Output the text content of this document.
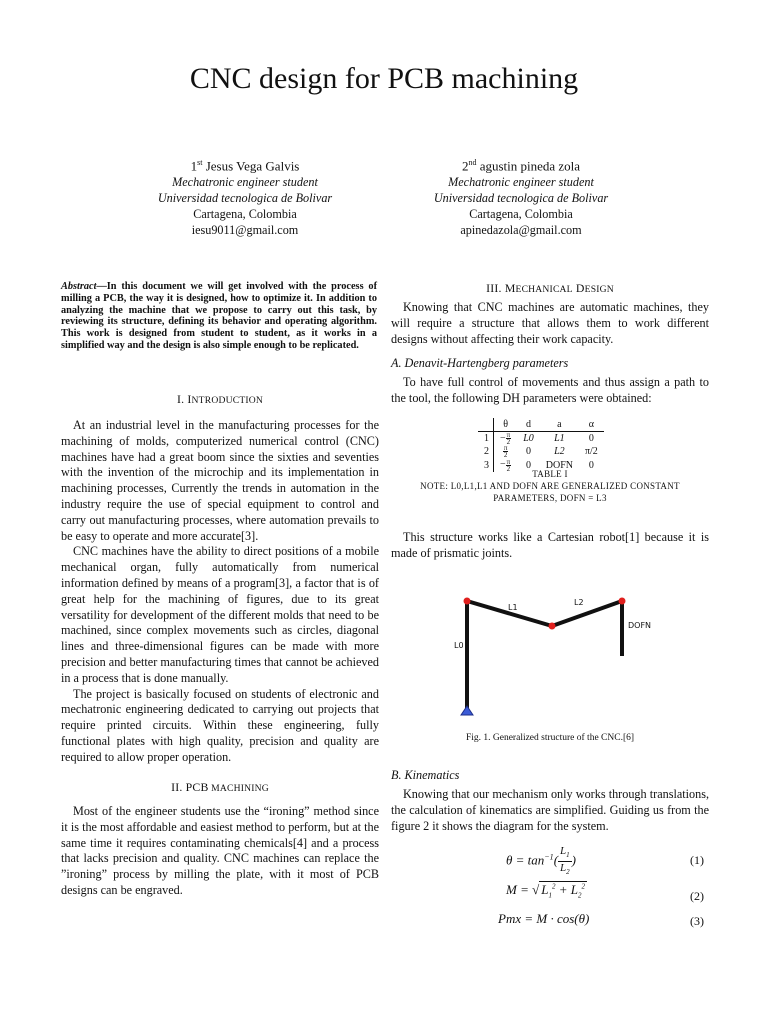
CNC design for PCB machining
1st Jesus Vega Galvis
Mechatronic engineer student
Universidad tecnologica de Bolivar
Cartagena, Colombia
iesu9011@gmail.com
2nd agustin pineda zola
Mechatronic engineer student
Universidad tecnologica de Bolivar
Cartagena, Colombia
apinedazola@gmail.com
Abstract—In this document we will get involved with the process of milling a PCB, the way it is designed, how to optimize it. In addition to analyzing the machine that we propose to carry out this task, by reviewing its structure, defining its behavior and operating algorithm. This work is designed from student to student, as it works in a simplified way and the design is also simple enough to be replicated.
I. INTRODUCTION

At an industrial level in the manufacturing processes for the machining of molds, computerized numerical control (CNC) machines have had a great boom since the sixties and seventies with the invention of the microchip and its implementation in machining processes, Currently the trends in automation in the industry require the use of special equipment to control and carry out manufacturing processes, where automation prevails to be easy to operate and more accurate[3].

CNC machines have the ability to direct positions of a mobile mechanical organ, fully automatically from numerical information defined by means of a program[3], a factor that is of great help for the machining of figures, due to its great versatility for development of the different molds that need to be machined, since complex movements such as circles, diagonal lines and three-dimensional figures can be made with more precision and better manufacturing times that cannot be achieved in a process that is done manually.

The project is basically focused on students of electronic and mechatronic engineering dedicated to carrying out projects that require printed circuits. Within these engineering, fully functional plates with high quality, precision and quality are required to allow proper operation.

II. PCB MACHINING

Most of the engineer students use the “ironing” method since it is the most affordable and easiest method to perform, but at the same time it requires contaminating chemicals[4] and a process that lacks precision and quality. CNC machines can replace the ”ironing” process by milling the plate, with it most of PCB designs can be engraved.

III. MECHANICAL DESIGN

Knowing that CNC machines are automatic machines, they will require a structure that allows them to work different designs without affecting their work capacity.

A. Denavit-Hartengberg parameters

To have full control of movements and thus assign a path to the tool, the following DH parameters were obtained:

	θ	d	a	α
1	− $\frac{\pi}{2}$	L0	L1	0
2	$\frac{\pi}{2}$	0	L2	π/2
3	− $\frac{\pi}{2}$	0	DOFN	0
TABLE I
NOTE: L0,L1,L1 AND DOFN ARE GENERALIZED CONSTANT PARAMETERS, DOFN = L3

This structure works like a Cartesian robot[1] because it is made of prismatic joints.

L0
L1
L2
DOFN
Fig. 1. Generalized structure of the CNC.[6]
B. Kinematics

Knowing that our mechanism only works through translations, the calculation of kinematics are simplified. Guiding us from the figure 2 it shows the diagram for the system.

$\theta = \tan^{-1}( \frac{L_1}{L_2}$ )	(1)
M = √ $L_1^2 + L_2^2$
(2)
Pmx = M · cos(θ)	(3)
